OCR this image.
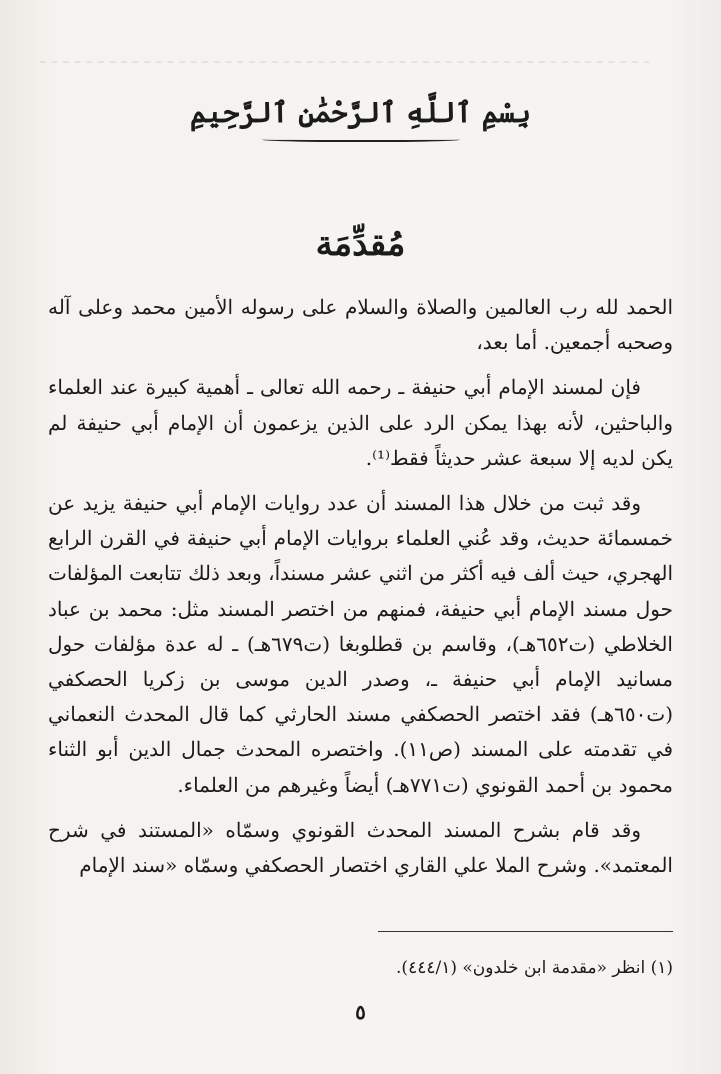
ـ ـ ـ ـ ـ ـ ـ ـ ـ ـ ـ ـ ـ ـ ـ ـ ـ ـ ـ ـ ـ ـ ـ ـ ـ ـ ـ ـ ـ ـ ـ ـ ـ ـ ـ ـ ـ ـ ـ ـ ـ ـ ـ ـ ـ ـ ـ ـ ـ ـ ـ ـ ـ
بِسْمِ ٱللَّهِ ٱلرَّحْمَٰنِ ٱلرَّحِيمِ
مُقدِّمَة

الحمد لله رب العالمين والصلاة والسلام على رسوله الأمين محمد وعلى آله وصحبه أجمعين. أما بعد،

فإن لمسند الإمام أبي حنيفة ـ رحمه الله تعالى ـ أهمية كبيرة عند العلماء والباحثين، لأنه بهذا يمكن الرد على الذين يزعمون أن الإمام أبي حنيفة لم يكن لديه إلا سبعة عشر حديثاً فقط⁽¹⁾.

وقد ثبت من خلال هذا المسند أن عدد روايات الإمام أبي حنيفة يزيد عن خمسمائة حديث، وقد عُني العلماء بروايات الإمام أبي حنيفة في القرن الرابع الهجري، حيث ألف فيه أكثر من اثني عشر مسنداً، وبعد ذلك تتابعت المؤلفات حول مسند الإمام أبي حنيفة، فمنهم من اختصر المسند مثل: محمد بن عباد الخلاطي (ت٦٥٢هـ)، وقاسم بن قطلوبغا (ت٦٧٩هـ) ـ له عدة مؤلفات حول مسانيد الإمام أبي حنيفة ـ، وصدر الدين موسى بن زكريا الحصكفي (ت٦٥٠هـ) فقد اختصر الحصكفي مسند الحارثي كما قال المحدث النعماني في تقدمته على المسند (ص١١). واختصره المحدث جمال الدين أبو الثناء محمود بن أحمد القونوي (ت٧٧١هـ) أيضاً وغيرهم من العلماء.

وقد قام بشرح المسند المحدث القونوي وسمّاه «المستند في شرح المعتمد». وشرح الملا علي القاري اختصار الحصكفي وسمّاه «سند الإمام

(١) انظر «مقدمة ابن خلدون» (٤٤٤/١).
٥
